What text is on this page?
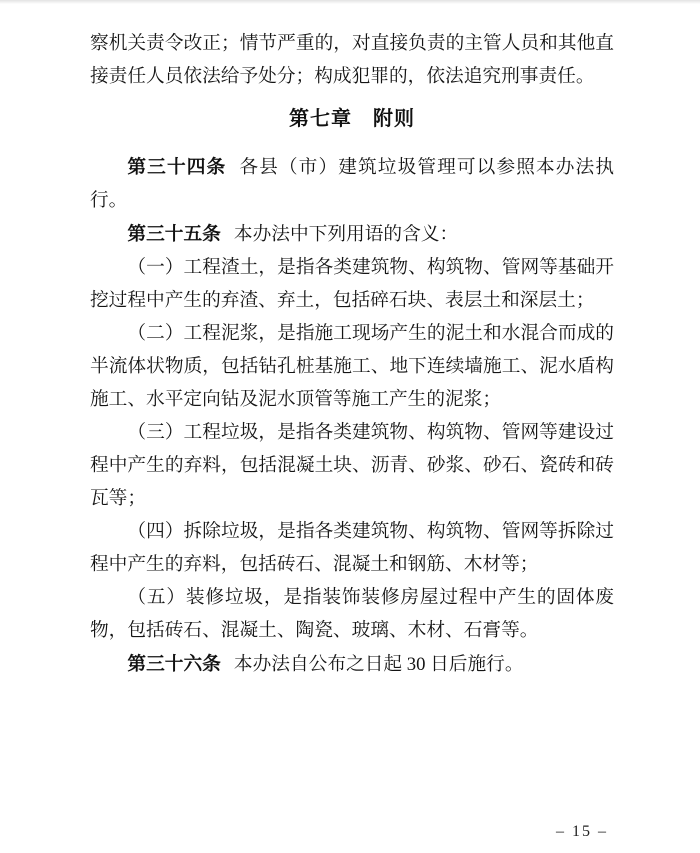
察机关责令改正；情节严重的，对直接负责的主管人员和其他直接责任人员依法给予处分；构成犯罪的，依法追究刑事责任。

第七章　附则

第三十四条 各县（市）建筑垃圾管理可以参照本办法执行。

第三十五条 本办法中下列用语的含义：

（一）工程渣土，是指各类建筑物、构筑物、管网等基础开挖过程中产生的弃渣、弃土，包括碎石块、表层土和深层土；

（二）工程泥浆，是指施工现场产生的泥土和水混合而成的半流体状物质，包括钻孔桩基施工、地下连续墙施工、泥水盾构施工、水平定向钻及泥水顶管等施工产生的泥浆；

（三）工程垃圾，是指各类建筑物、构筑物、管网等建设过程中产生的弃料，包括混凝土块、沥青、砂浆、砂石、瓷砖和砖瓦等；

（四）拆除垃圾，是指各类建筑物、构筑物、管网等拆除过程中产生的弃料，包括砖石、混凝土和钢筋、木材等；

（五）装修垃圾，是指装饰装修房屋过程中产生的固体废物，包括砖石、混凝土、陶瓷、玻璃、木材、石膏等。

第三十六条 本办法自公布之日起 30 日后施行。

– 15 –
